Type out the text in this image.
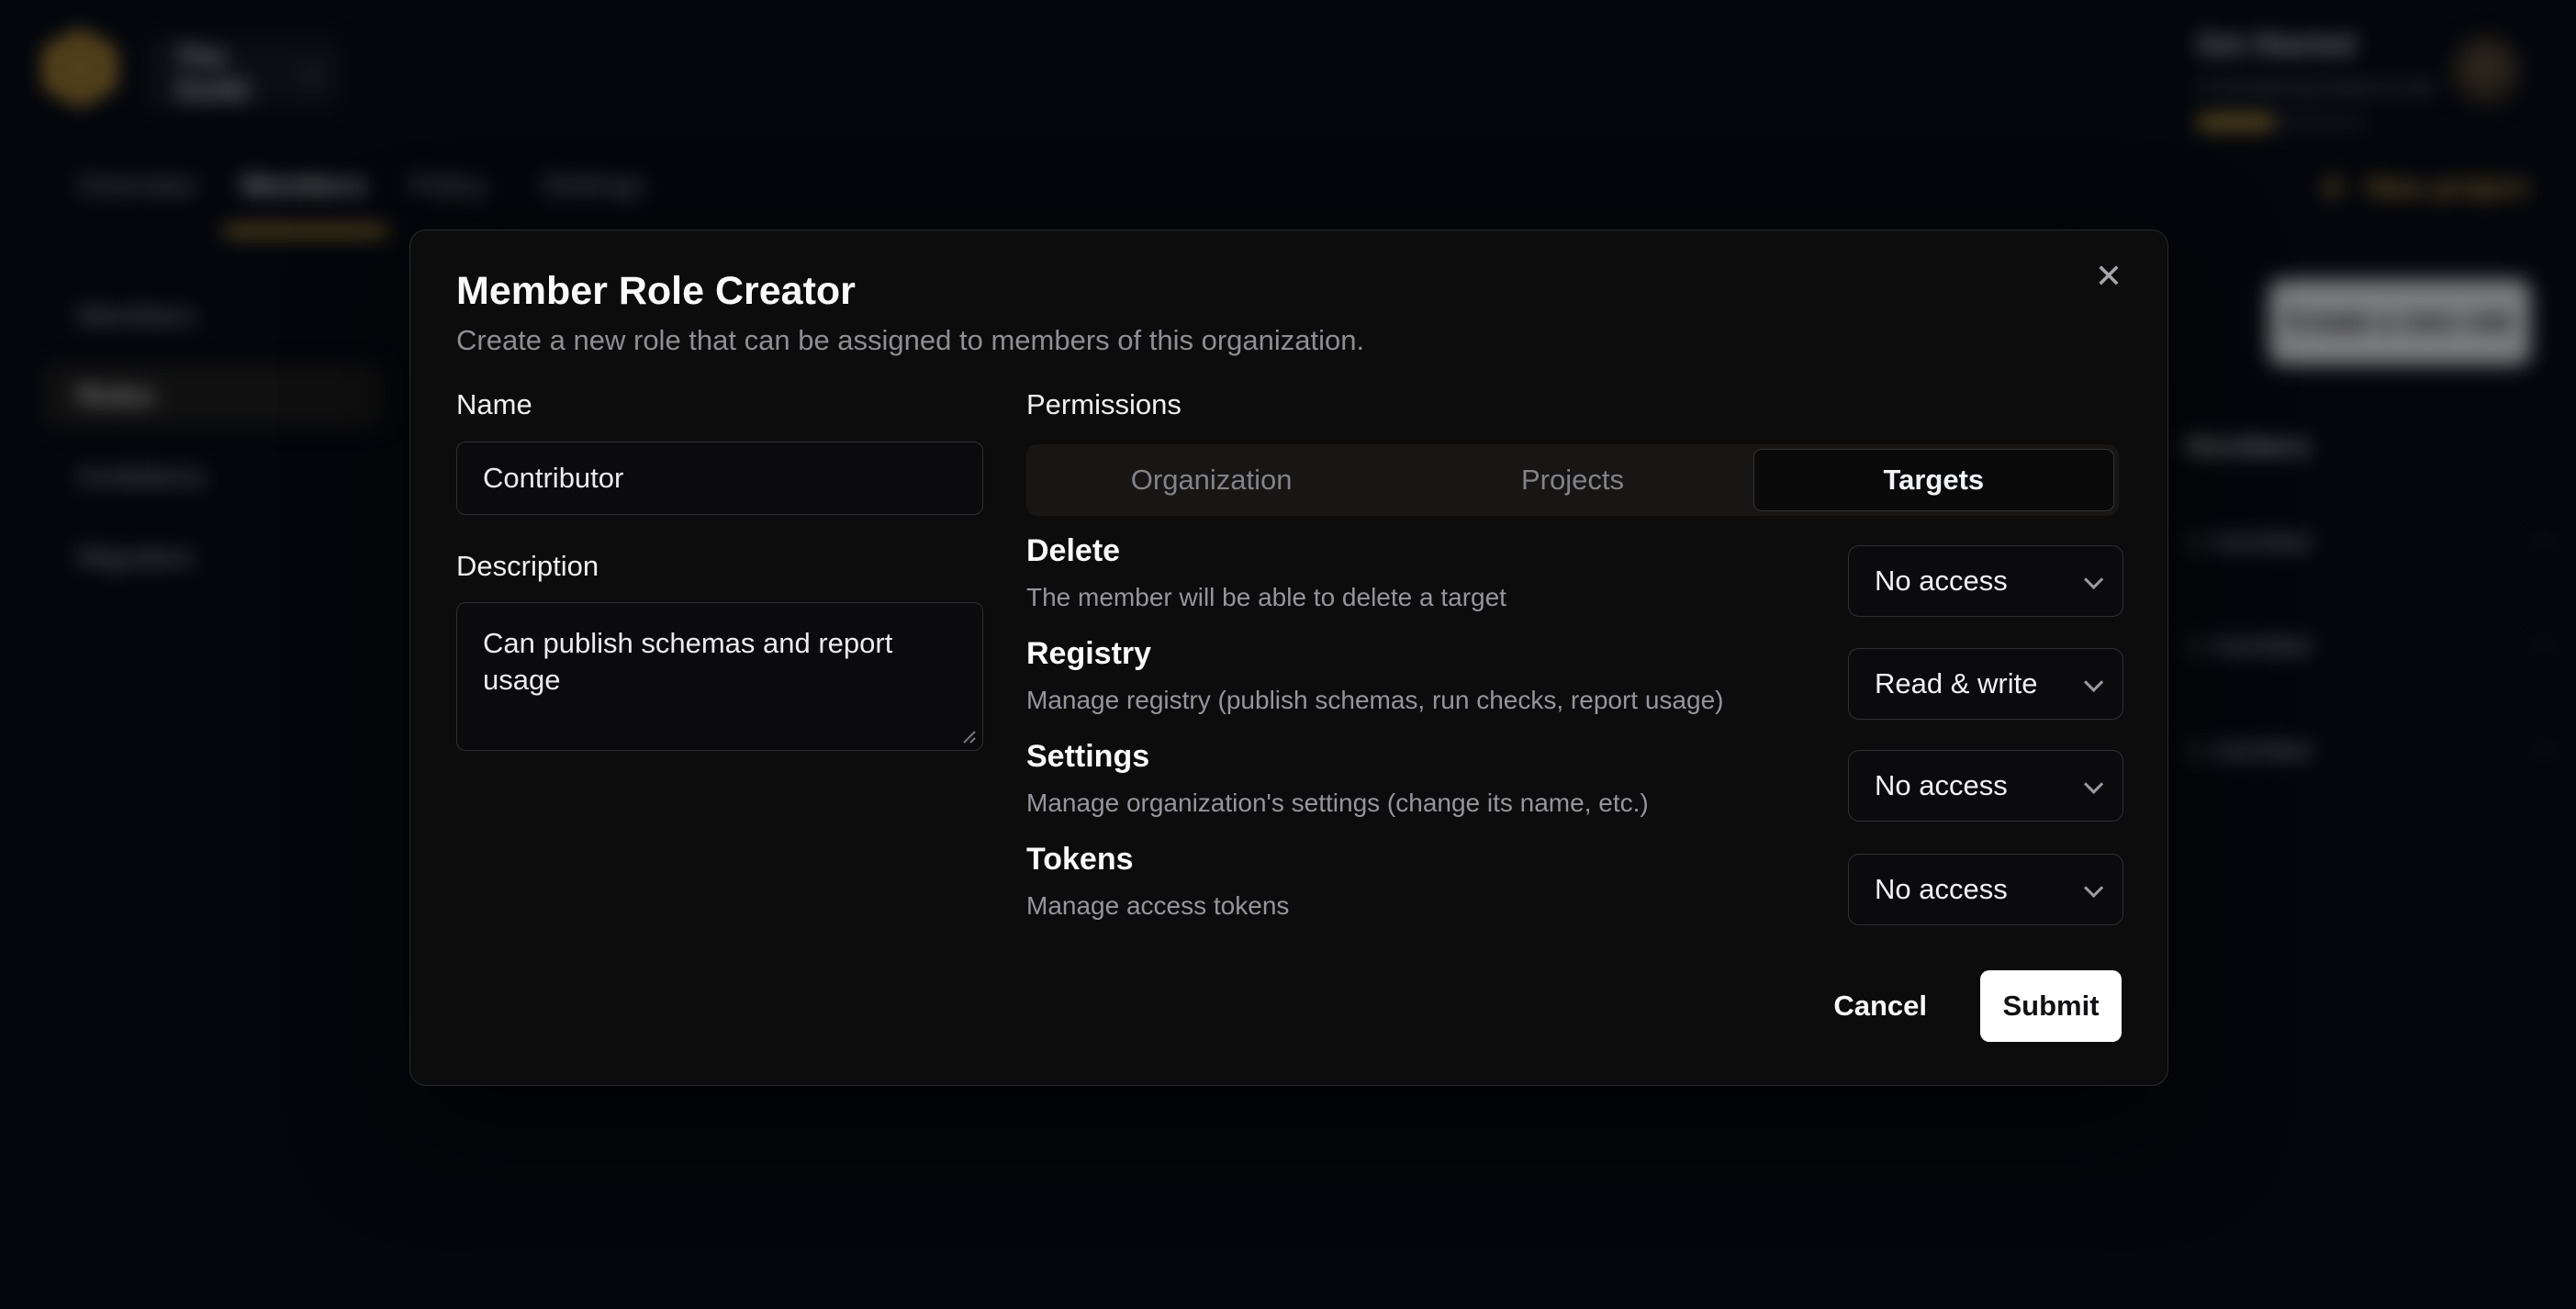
✕
Member Role Creator
Create a new role that can be assigned to members of this organization.
Name
Contributor
Description
Can publish schemas and report usage
Permissions
Organization	Projects	Targets
Delete
The member will be able to delete a target
No access
Registry
Manage registry (publish schemas, run checks, report usage)
Read & write
Settings
Manage organization's settings (change its name, etc.)
No access
Tokens
Manage access tokens
No access
Cancel	Submit
